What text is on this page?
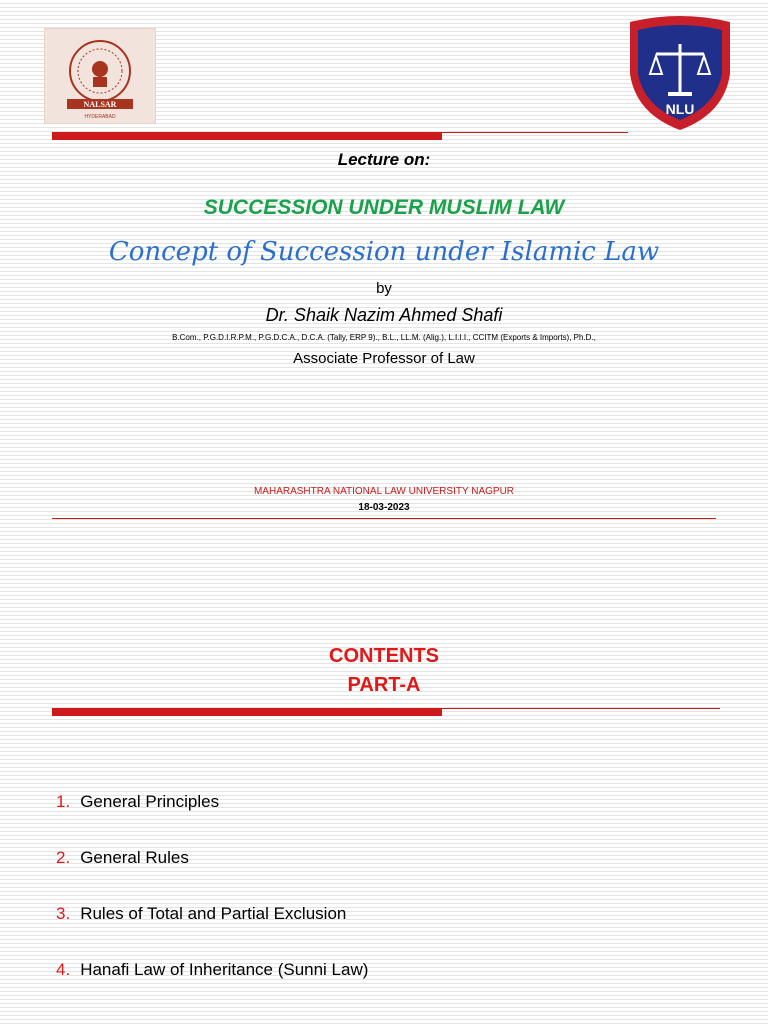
NALSAR
HYDERABAD	NLU
Lecture on:
SUCCESSION UNDER MUSLIM LAW
Concept of Succession under Islamic Law
by
Dr. Shaik Nazim Ahmed Shafi
B.Com., P.G.D.I.R.P.M., P.G.D.C.A., D.C.A. (Tally, ERP 9)., B.L., LL.M. (Alig.), L.I.I.I., CCITM (Exports & Imports), Ph.D.,
Associate Professor of Law
MAHARASHTRA NATIONAL LAW UNIVERSITY NAGPUR
18-03-2023
CONTENTS
PART-A
1. General Principles
2. General Rules
3. Rules of Total and Partial Exclusion
4. Hanafi Law of Inheritance (Sunni Law)
